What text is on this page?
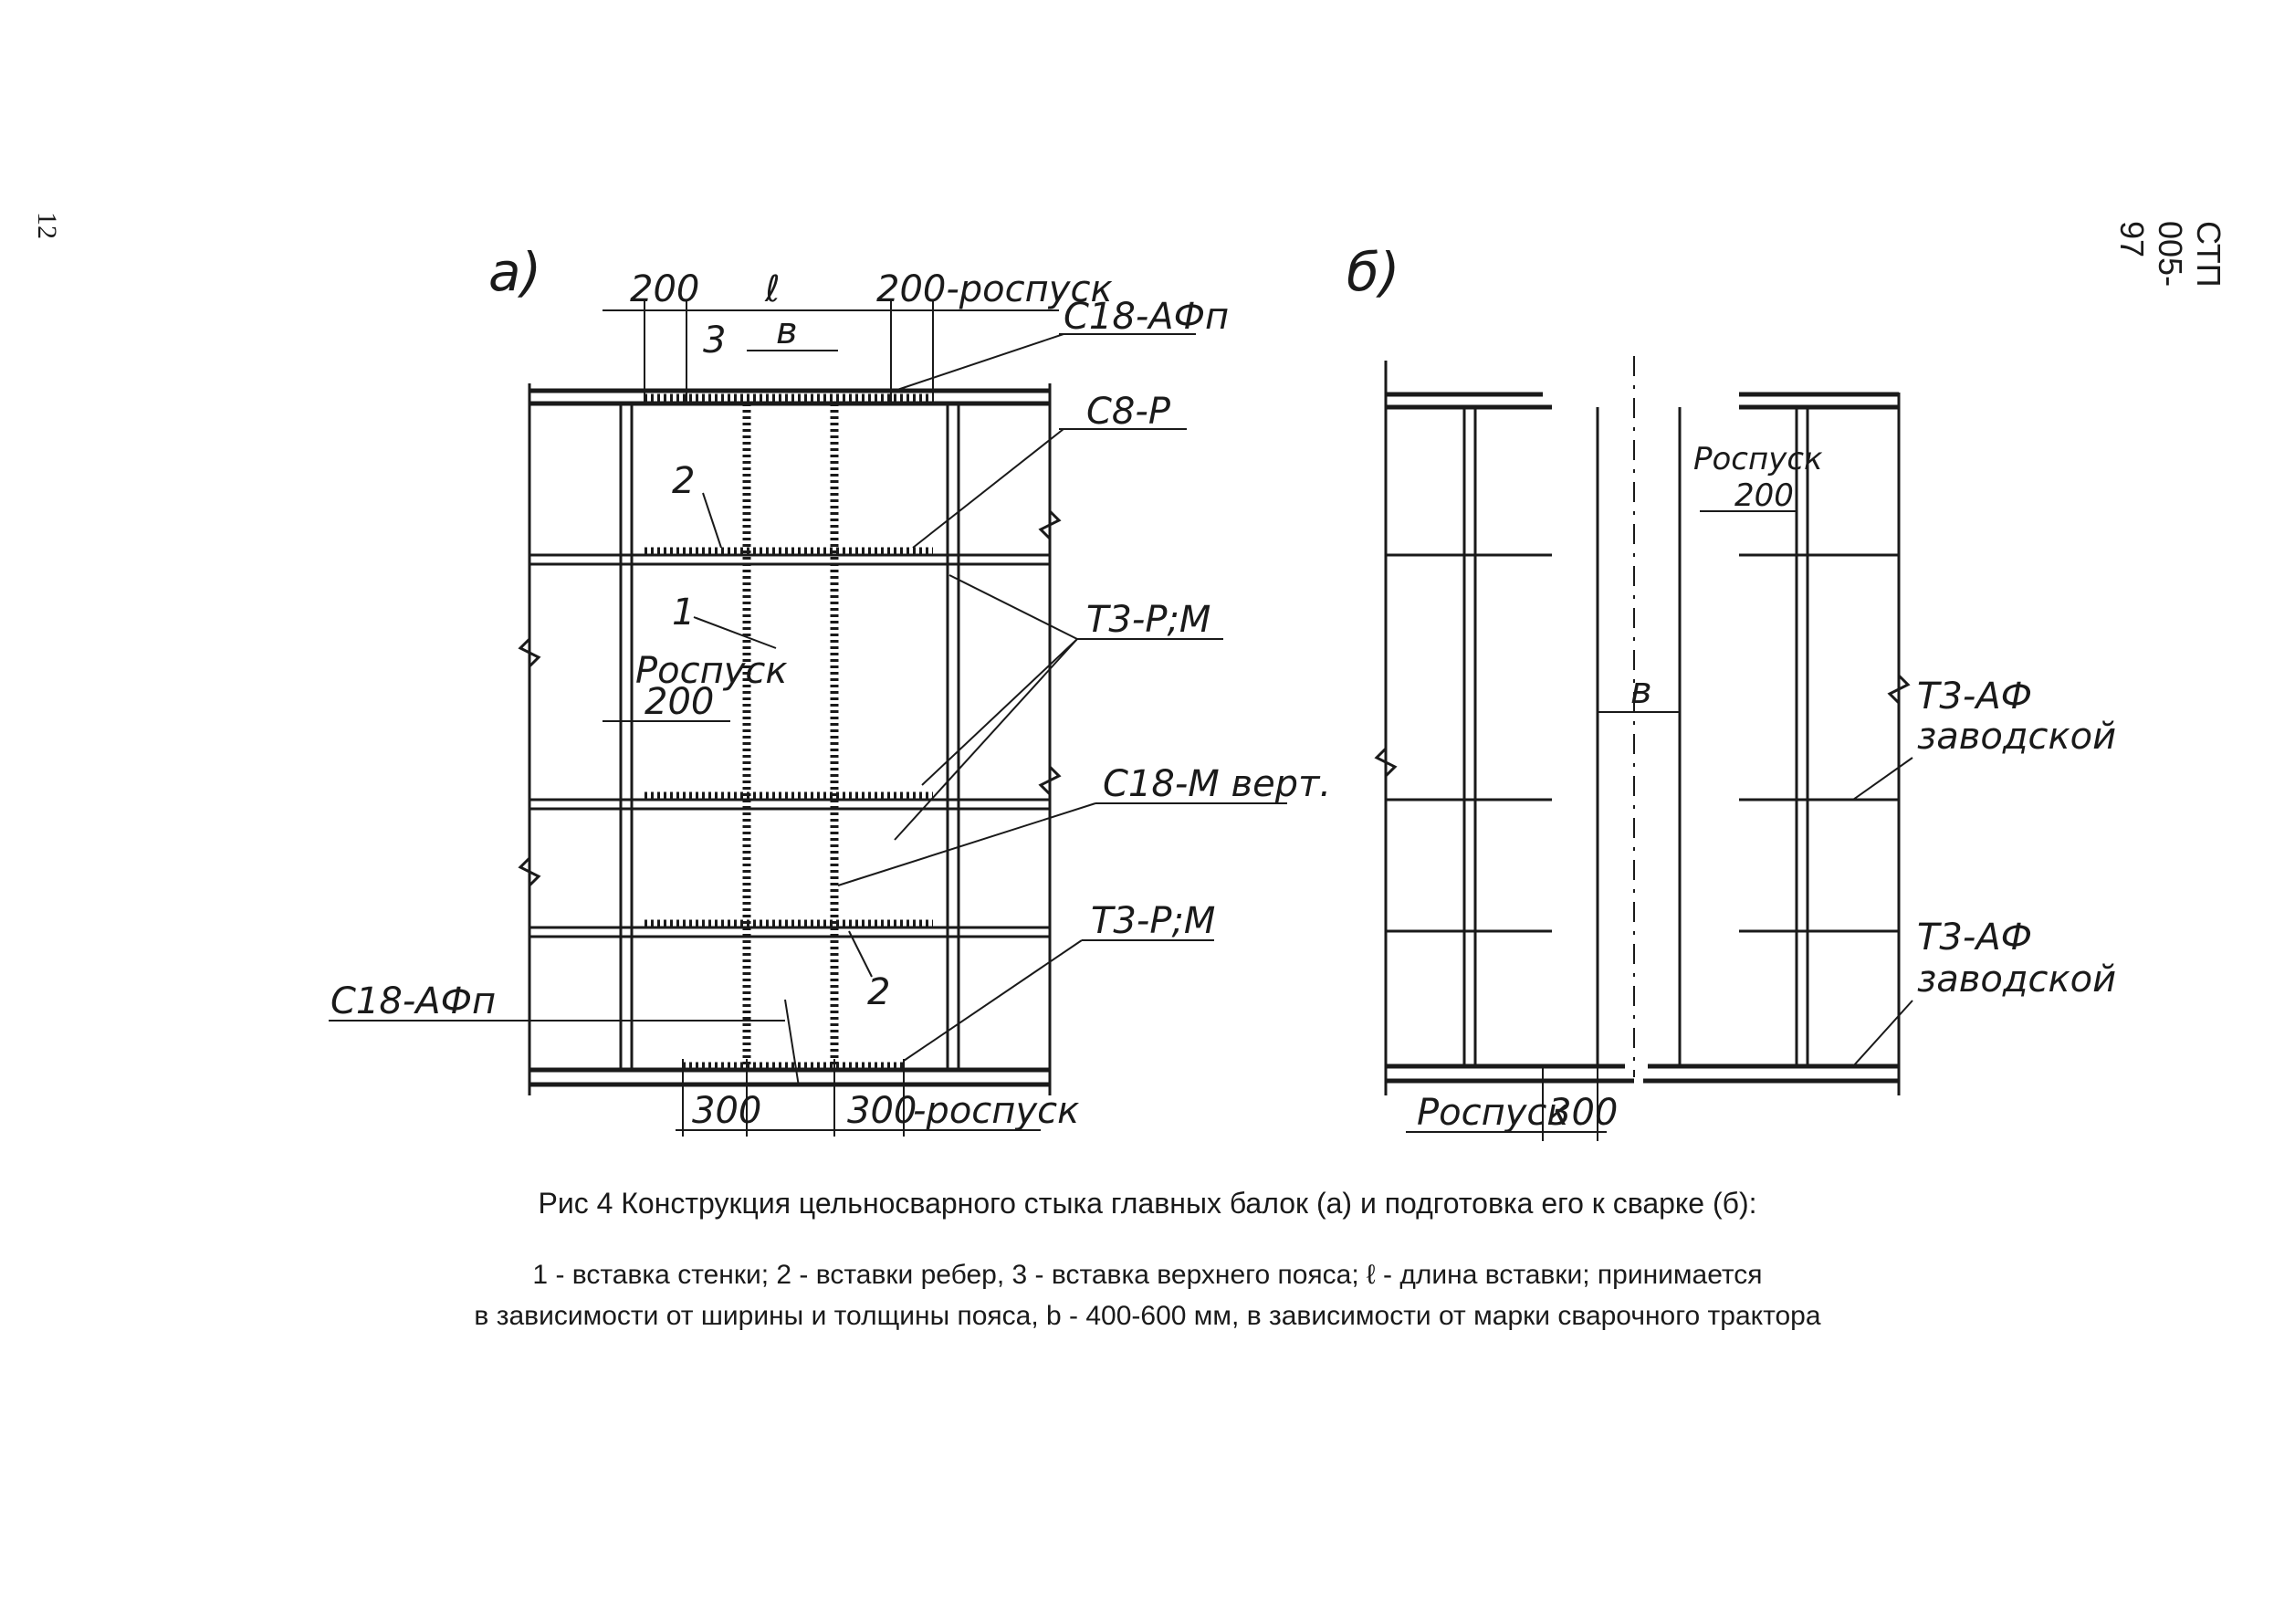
12	СТП 005-97
а) 200 ℓ	200-роспуск
в
3
С18-АФп
С8-Р
Т3-Р;М
С18-М верт.
Т3-Р;М
С18-АФп
2
1
2
Роспуск
200
300 300
-роспуск
б)
в
Роспуск
200
Т3-АФ
заводской
Т3-АФ
заводской
Роспуск
300
Рис 4 Конструкция цельносварного стыка главных балок (а) и подготовка его к сварке (б):
1 - вставка стенки; 2 - вставки ребер, 3 - вставка верхнего пояса; ℓ - длина вставки; принимается
в зависимости от ширины и толщины пояса, b - 400-600 мм, в зависимости от марки сварочного трактора
